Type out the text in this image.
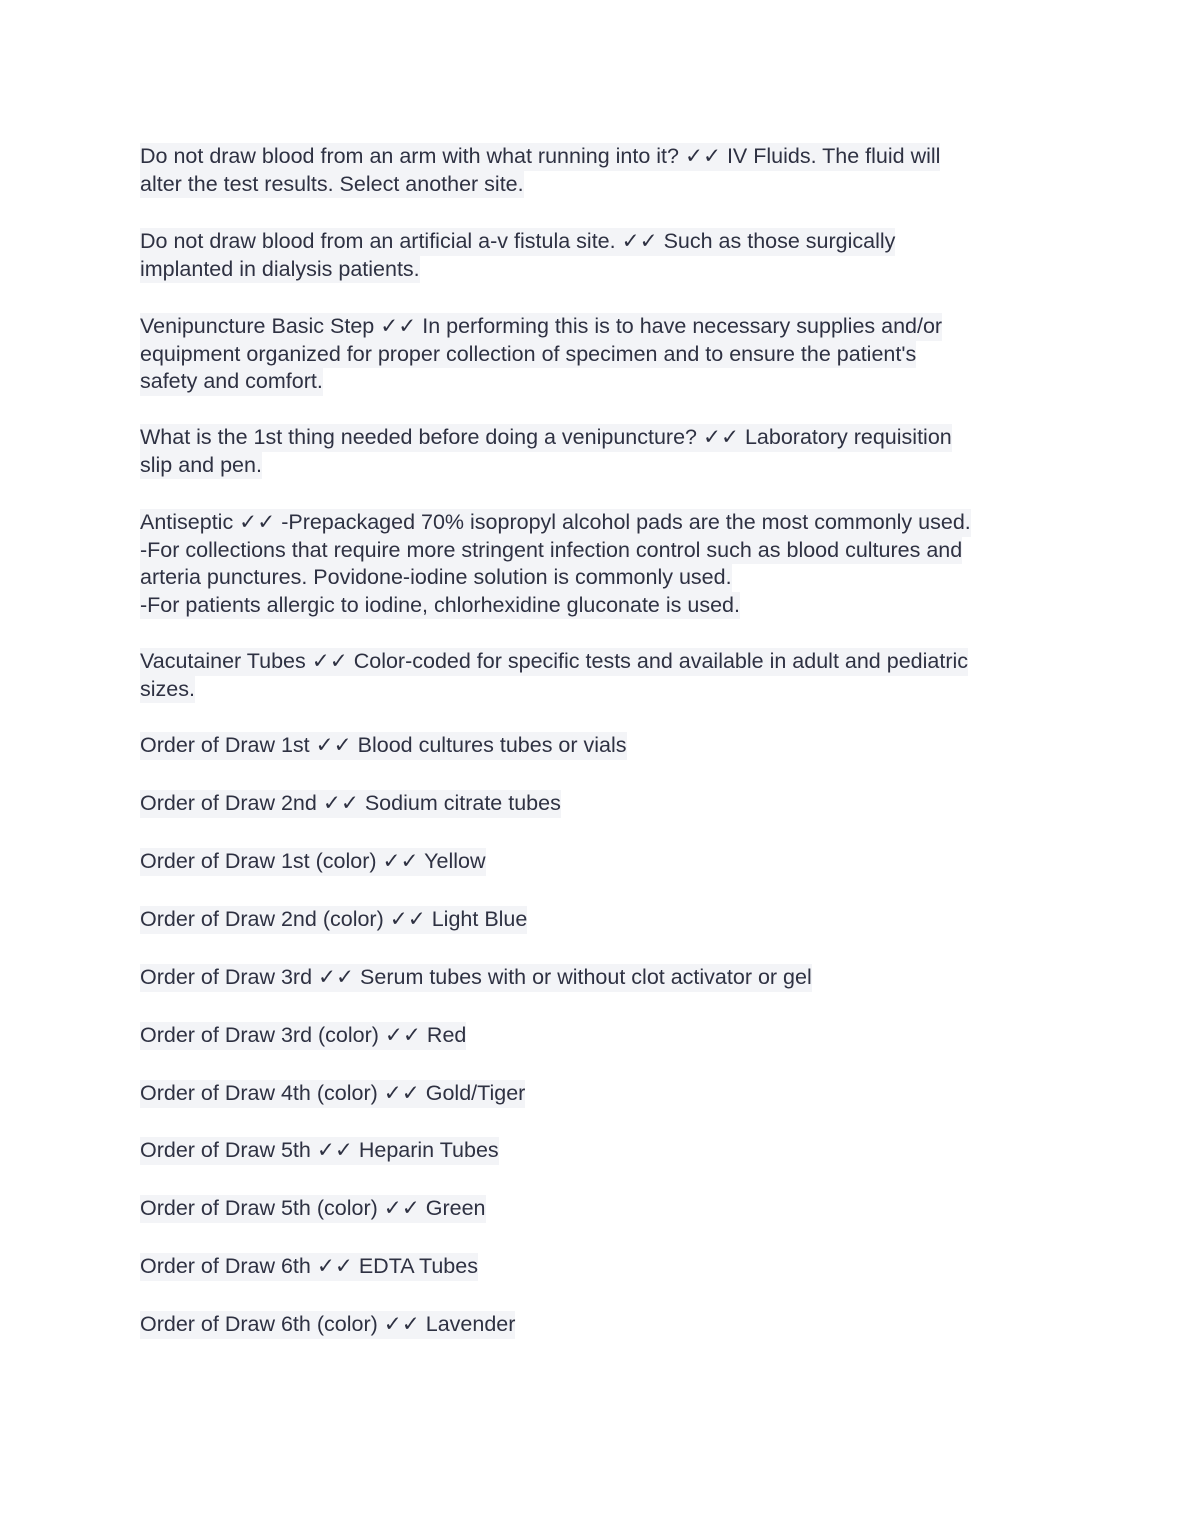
Do not draw blood from an arm with what running into it? ✓✓ IV Fluids. The fluid will
alter the test results. Select another site.

Do not draw blood from an artificial a-v fistula site. ✓✓ Such as those surgically
implanted in dialysis patients.

Venipuncture Basic Step ✓✓ In performing this is to have necessary supplies and/or
equipment organized for proper collection of specimen and to ensure the patient's
safety and comfort.

What is the 1st thing needed before doing a venipuncture? ✓✓ Laboratory requisition
slip and pen.

Antiseptic ✓✓ -Prepackaged 70% isopropyl alcohol pads are the most commonly used.
-For collections that require more stringent infection control such as blood cultures and
arteria punctures. Povidone-iodine solution is commonly used.
-For patients allergic to iodine, chlorhexidine gluconate is used.

Vacutainer Tubes ✓✓ Color-coded for specific tests and available in adult and pediatric
sizes.

Order of Draw 1st ✓✓ Blood cultures tubes or vials

Order of Draw 2nd ✓✓ Sodium citrate tubes

Order of Draw 1st (color) ✓✓ Yellow

Order of Draw 2nd (color) ✓✓ Light Blue

Order of Draw 3rd ✓✓ Serum tubes with or without clot activator or gel

Order of Draw 3rd (color) ✓✓ Red

Order of Draw 4th (color) ✓✓ Gold/Tiger

Order of Draw 5th ✓✓ Heparin Tubes

Order of Draw 5th (color) ✓✓ Green

Order of Draw 6th ✓✓ EDTA Tubes

Order of Draw 6th (color) ✓✓ Lavender
